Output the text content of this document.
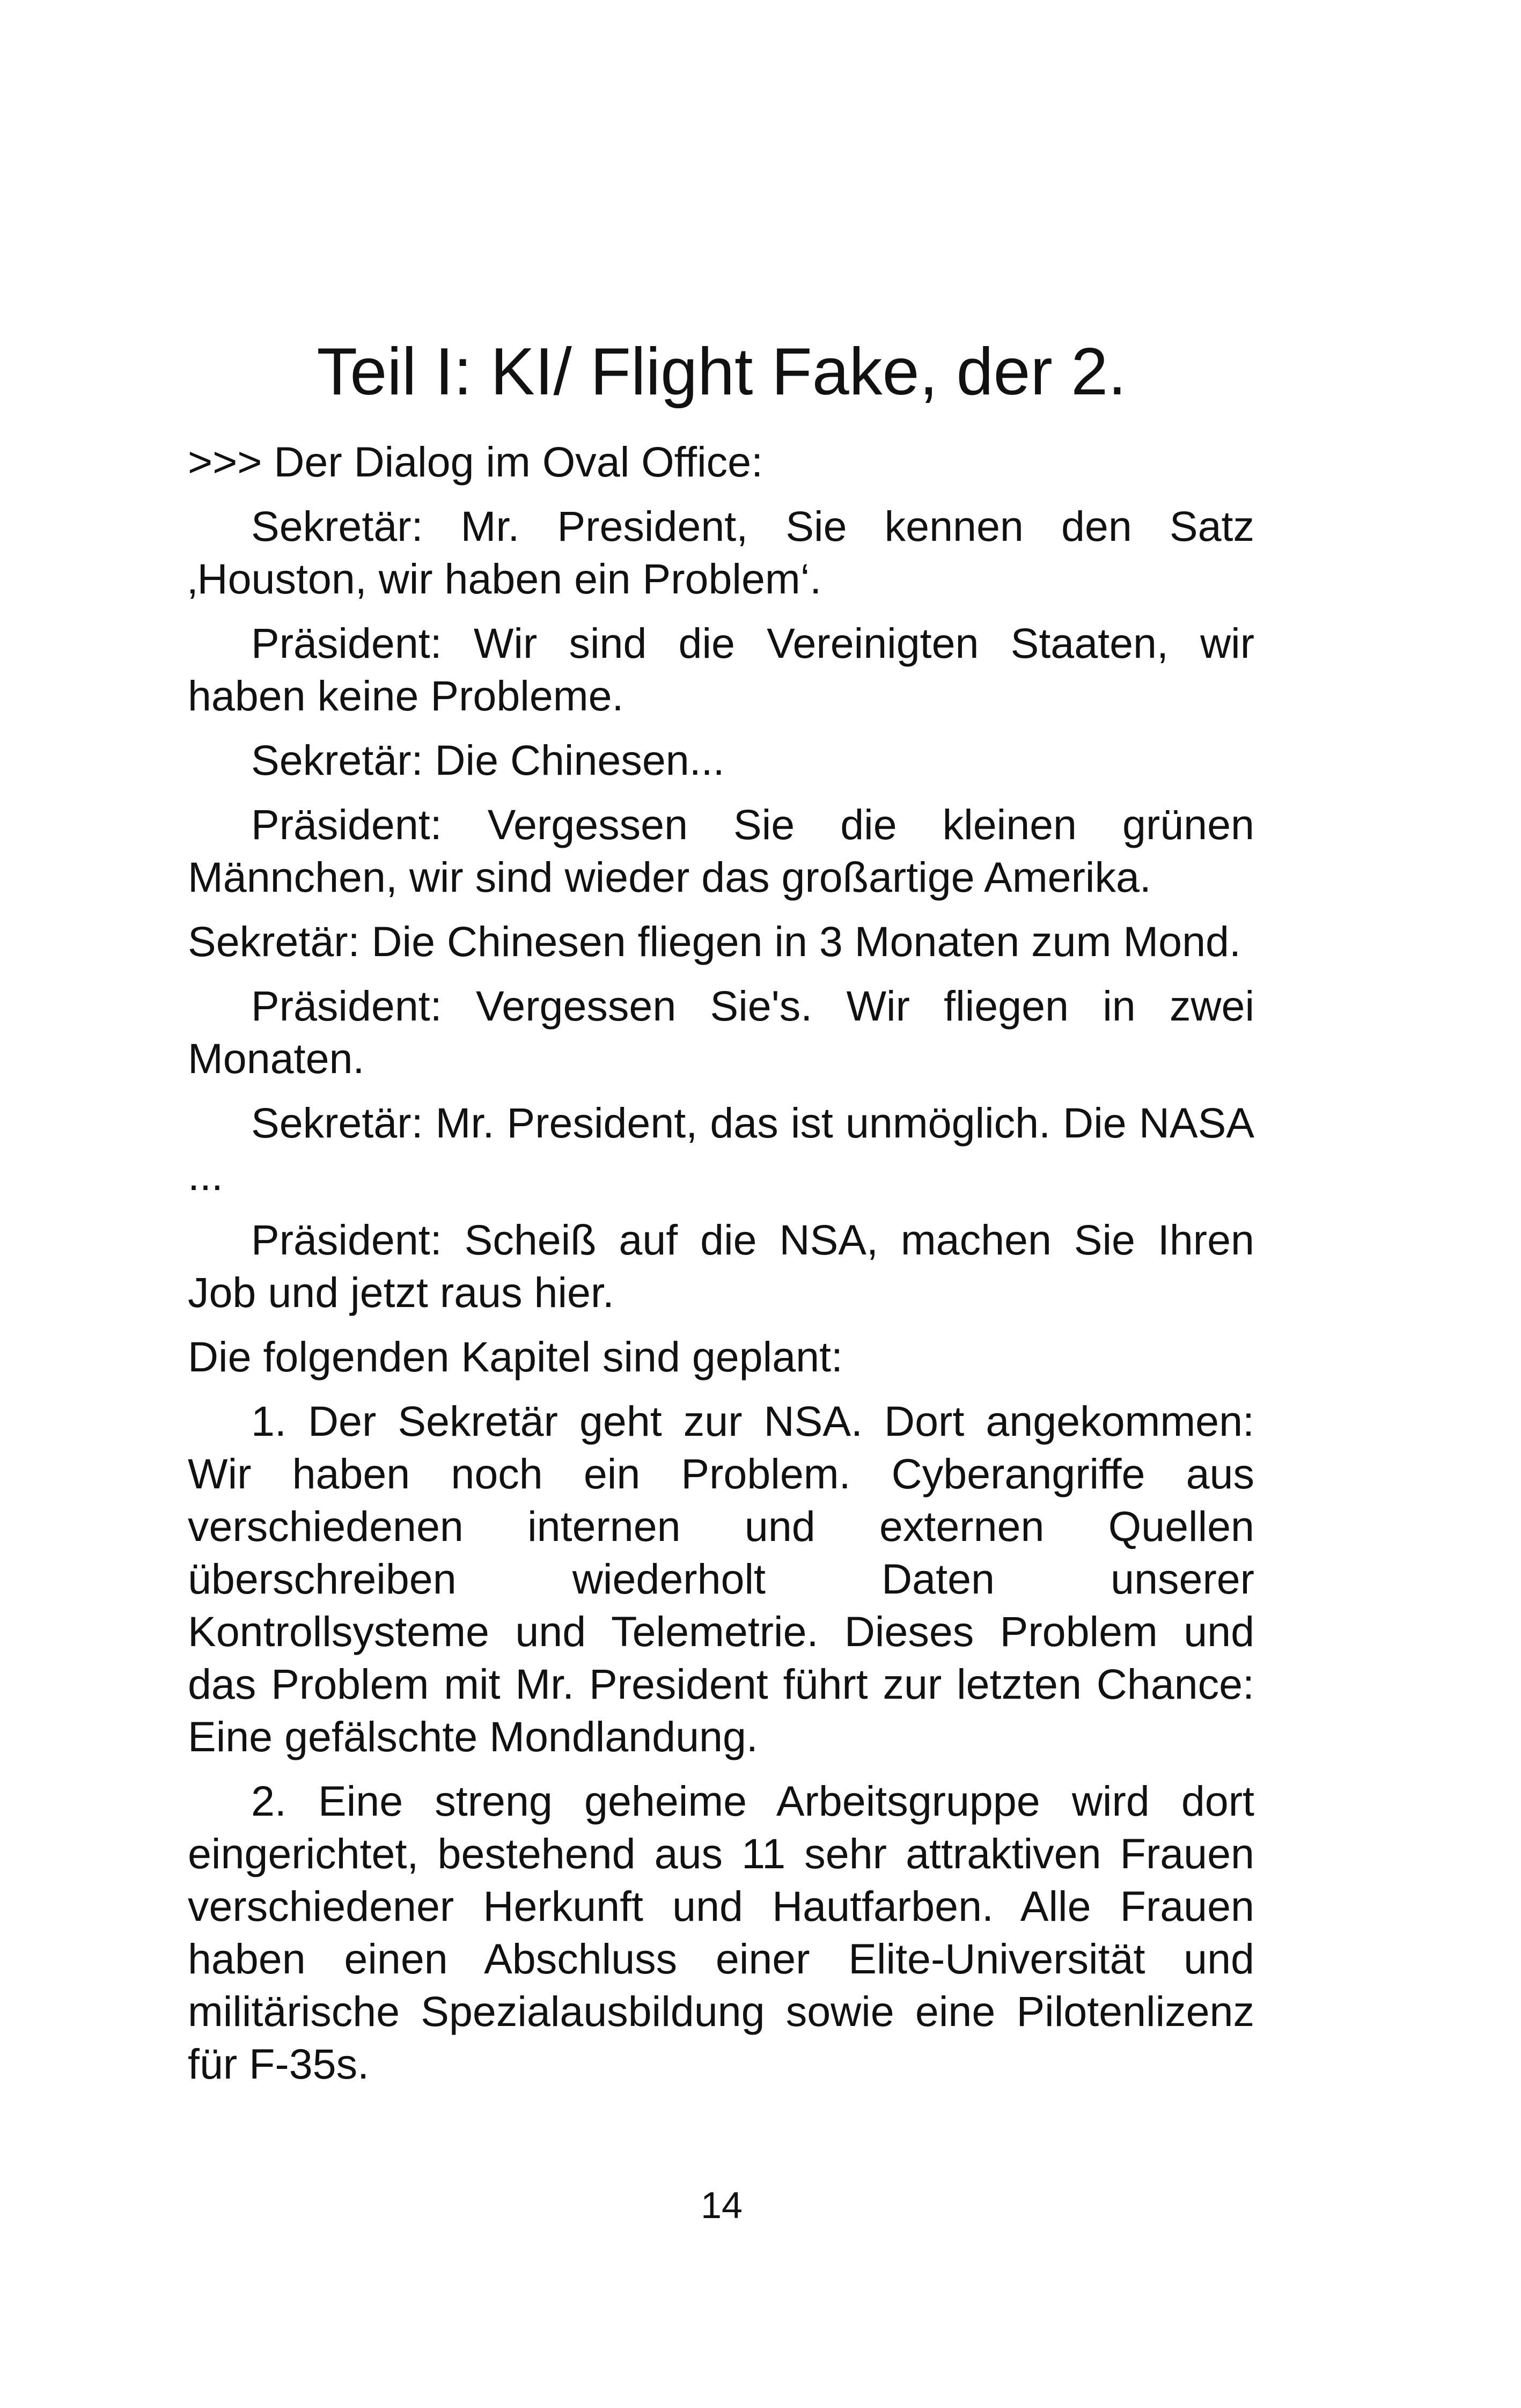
Teil I: KI/ Flight Fake, der 2.

>>> Der Dialog im Oval Office:

Sekretär: Mr. President, Sie kennen den Satz ‚Houston, wir haben ein Problem‘.

Präsident: Wir sind die Vereinigten Staaten, wir haben keine Probleme.

Sekretär: Die Chinesen...

Präsident: Vergessen Sie die kleinen grünen Männchen, wir sind wieder das großartige Amerika.

Sekretär: Die Chinesen fliegen in 3 Monaten zum Mond.

Präsident: Vergessen Sie's. Wir fliegen in zwei Monaten.

Sekretär: Mr. President, das ist unmöglich. Die NASA ...

Präsident: Scheiß auf die NSA, machen Sie Ihren Job und jetzt raus hier.

Die folgenden Kapitel sind geplant:

1. Der Sekretär geht zur NSA. Dort angekommen: Wir haben noch ein Problem. Cyberangriffe aus verschiedenen internen und externen Quellen überschreiben wiederholt Daten unserer Kontrollsysteme und Telemetrie. Dieses Problem und das Problem mit Mr. President führt zur letzten Chance: Eine gefälschte Mondlandung.

2. Eine streng geheime Arbeitsgruppe wird dort eingerichtet, bestehend aus 11 sehr attraktiven Frauen verschiedener Herkunft und Hautfarben. Alle Frauen haben einen Abschluss einer Elite-Universität und militärische Spezialausbildung sowie eine Pilotenlizenz für F-35s.

14
